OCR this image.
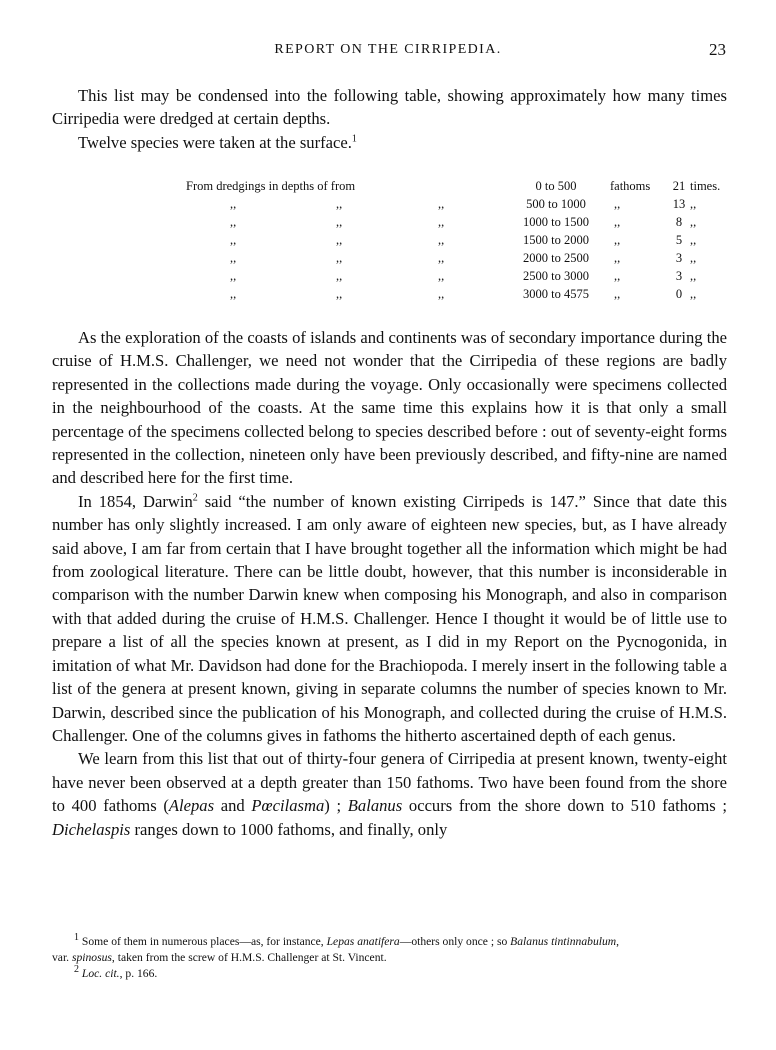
REPORT ON THE CIRRIPEDIA.	23

This list may be condensed into the following table, showing approximately how many times Cirripedia were dredged at certain depths.

Twelve species were taken at the surface.$^1$

From dredgings in depths of from			0 to 500	fathoms	21	times.
,,	,,	,,	500 to 1000	,,	13	,,
,,	,,	,,	1000 to 1500	,,	8	,,
,,	,,	,,	1500 to 2000	,,	5	,,
,,	,,	,,	2000 to 2500	,,	3	,,
,,	,,	,,	2500 to 3000	,,	3	,,
,,	,,	,,	3000 to 4575	,,	0	,,

As the exploration of the coasts of islands and continents was of secondary importance during the cruise of H.M.S. Challenger, we need not wonder that the Cirripedia of these regions are badly represented in the collections made during the voyage. Only occasionally were specimens collected in the neighbourhood of the coasts. At the same time this explains how it is that only a small percentage of the specimens collected belong to species described before : out of seventy-eight forms represented in the collection, nineteen only have been previously described, and fifty-nine are named and described here for the first time.

In 1854, Darwin$^2$ said “the number of known existing Cirripeds is 147.” Since that date this number has only slightly increased. I am only aware of eighteen new species, but, as I have already said above, I am far from certain that I have brought together all the information which might be had from zoological literature. There can be little doubt, however, that this number is inconsiderable in comparison with the number Darwin knew when composing his Monograph, and also in comparison with that added during the cruise of H.M.S. Challenger. Hence I thought it would be of little use to prepare a list of all the species known at present, as I did in my Report on the Pycnogonida, in imitation of what Mr. Davidson had done for the Brachiopoda. I merely insert in the following table a list of the genera at present known, giving in separate columns the number of species known to Mr. Darwin, described since the publication of his Monograph, and collected during the cruise of H.M.S. Challenger. One of the columns gives in fathoms the hitherto ascertained depth of each genus.

We learn from this list that out of thirty-four genera of Cirripedia at present known, twenty-eight have never been observed at a depth greater than 150 fathoms. Two have been found from the shore to 400 fathoms (Alepas and Pœcilasma) ; Balanus occurs from the shore down to 510 fathoms ; Dichelaspis ranges down to 1000 fathoms, and finally, only

1 Some of them in numerous places—as, for instance, Lepas anatifera—others only once ; so Balanus tintinnabulum,

var. spinosus, taken from the screw of H.M.S. Challenger at St. Vincent.

2 Loc. cit., p. 166.
